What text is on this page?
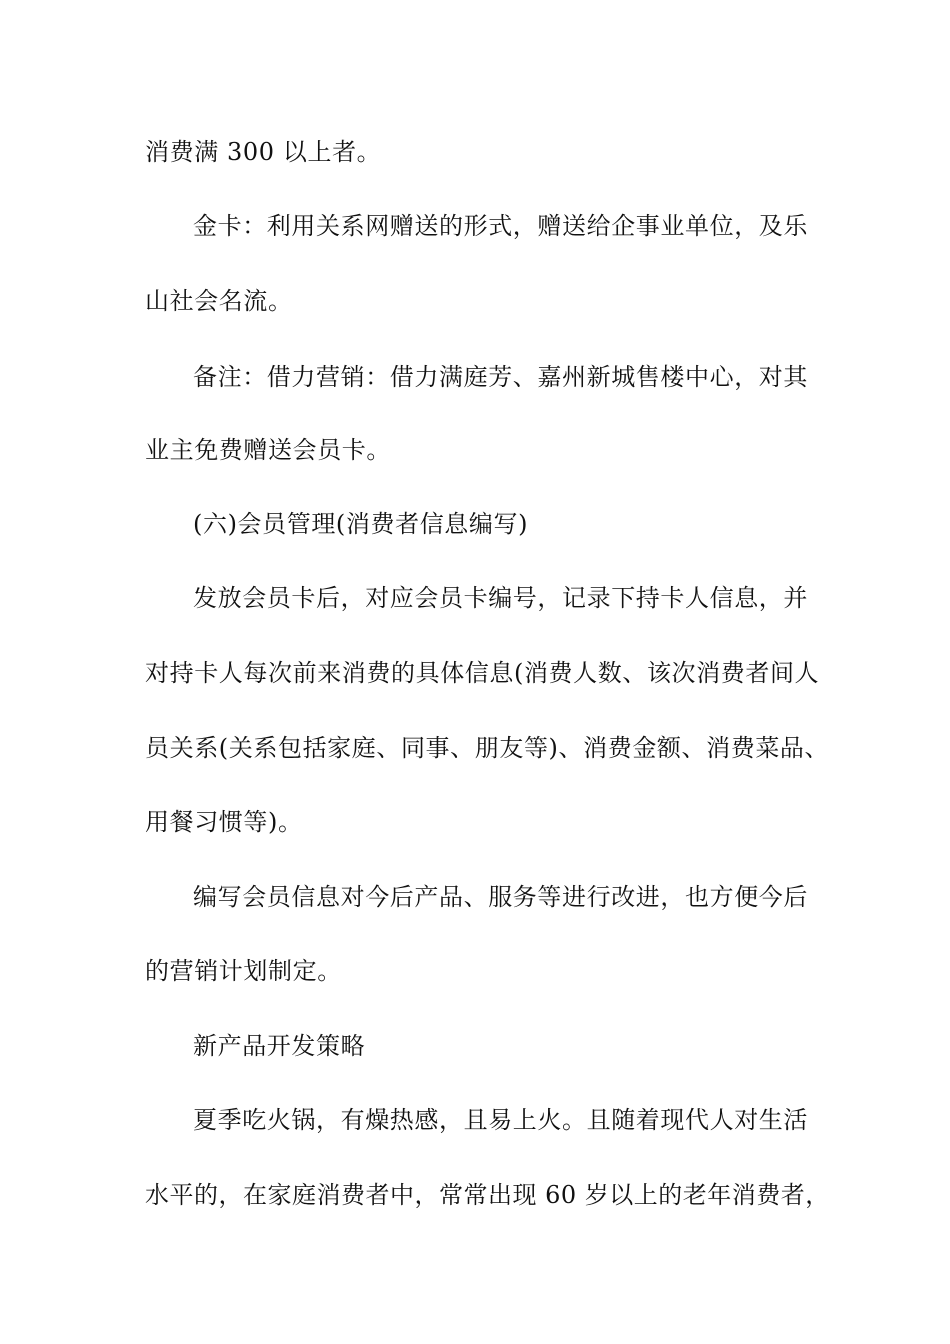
消费满 300 以上者。
金卡：利用关系网赠送的形式，赠送给企事业单位，及乐
山社会名流。
备注：借力营销：借力满庭芳、嘉州新城售楼中心，对其
业主免费赠送会员卡。
(六)会员管理(消费者信息编写)
发放会员卡后，对应会员卡编号，记录下持卡人信息，并
对持卡人每次前来消费的具体信息(消费人数、该次消费者间人
员关系(关系包括家庭、同事、朋友等)、消费金额、消费菜品、
用餐习惯等)。
编写会员信息对今后产品、服务等进行改进，也方便今后
的营销计划制定。
新产品开发策略
夏季吃火锅，有燥热感，且易上火。且随着现代人对生活
水平的，在家庭消费者中，常常出现 60 岁以上的老年消费者，
